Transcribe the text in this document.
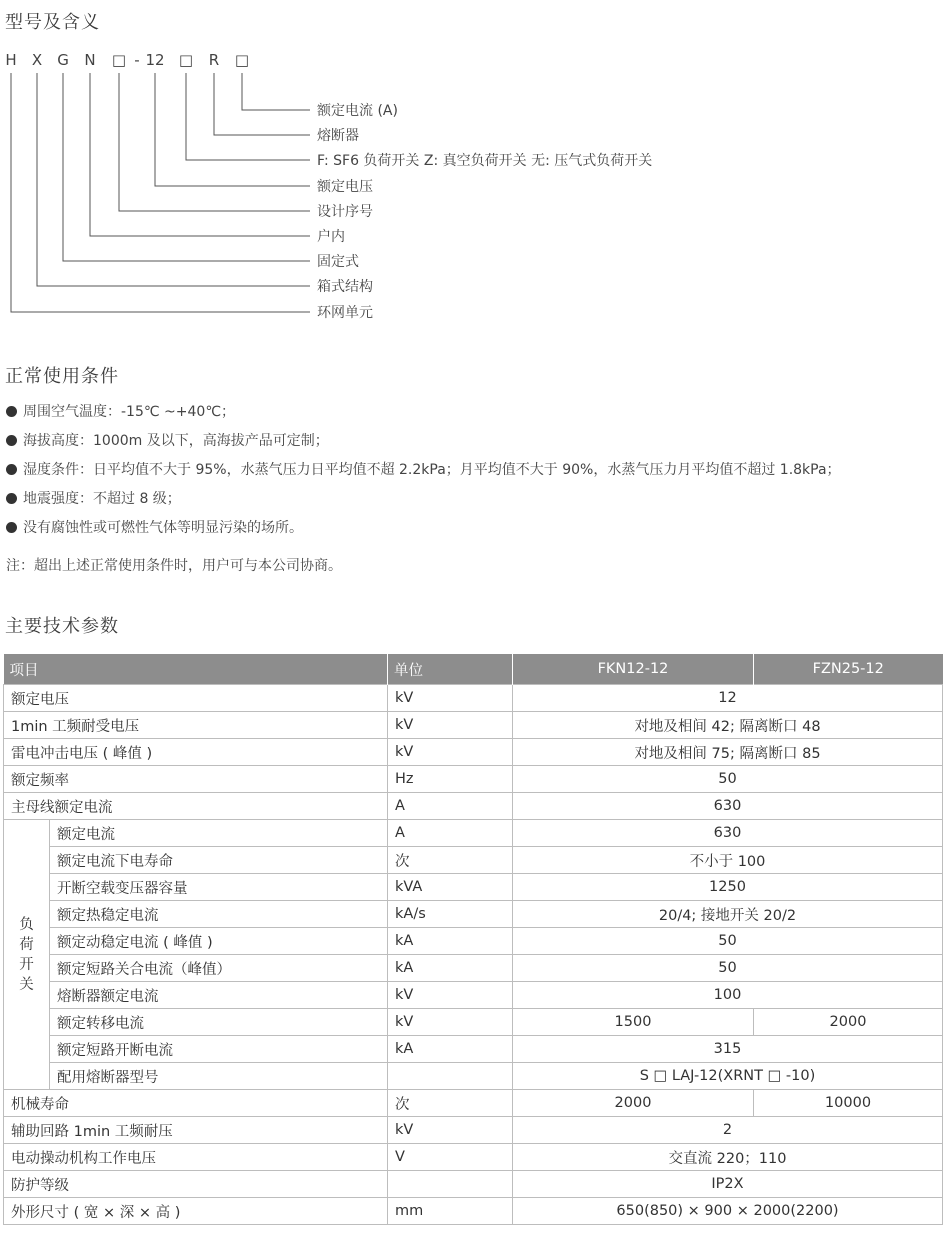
型号及含义
H X G N □ - 12 □ R □
额定电流 (A)
熔断器
F: SF6 负荷开关 Z: 真空负荷开关 无: 压气式负荷开关
额定电压
设计序号
户内
固定式
箱式结构
环网单元
正常使用条件
周围空气温度：-15℃ ~+40℃；
海拔高度：1000m 及以下，高海拔产品可定制；
湿度条件：日平均值不大于 95%，水蒸气压力日平均值不超 2.2kPa；月平均值不大于 90%，水蒸气压力月平均值不超过 1.8kPa；
地震强度：不超过 8 级；
没有腐蚀性或可燃性气体等明显污染的场所。
注：超出上述正常使用条件时，用户可与本公司协商。
主要技术参数
项目		单位	FKN12-12	FZN25-12
额定电压		kV	12	
1min 工频耐受电压		kV	对地及相间 42; 隔离断口 48	
雷电冲击电压 ( 峰值 )		kV	对地及相间 75; 隔离断口 85	
额定频率		Hz	50	
主母线额定电流		A	630	

负
荷
开
关	额定电流	A	630	
	额定电流下电寿命	次	不小于 100	
	开断空载变压器容量	kVA	1250	
	额定热稳定电流	kA/s	20/4; 接地开关 20/2	
	额定动稳定电流 ( 峰值 )	kA	50	
	额定短路关合电流（峰值）	kA	50	
	熔断器额定电流	kV	100	
	额定转移电流	kV	1500	2000
	额定短路开断电流	kA	315	
	配用熔断器型号		S □ LAJ-12(XRNT □ -10)	
机械寿命		次	2000	10000
辅助回路 1min 工频耐压		kV	2	
电动操动机构工作电压		V	交直流 220；110	
防护等级			IP2X	
外形尺寸 ( 宽 × 深 × 高 )		mm	650(850) × 900 × 2000(2200)	
